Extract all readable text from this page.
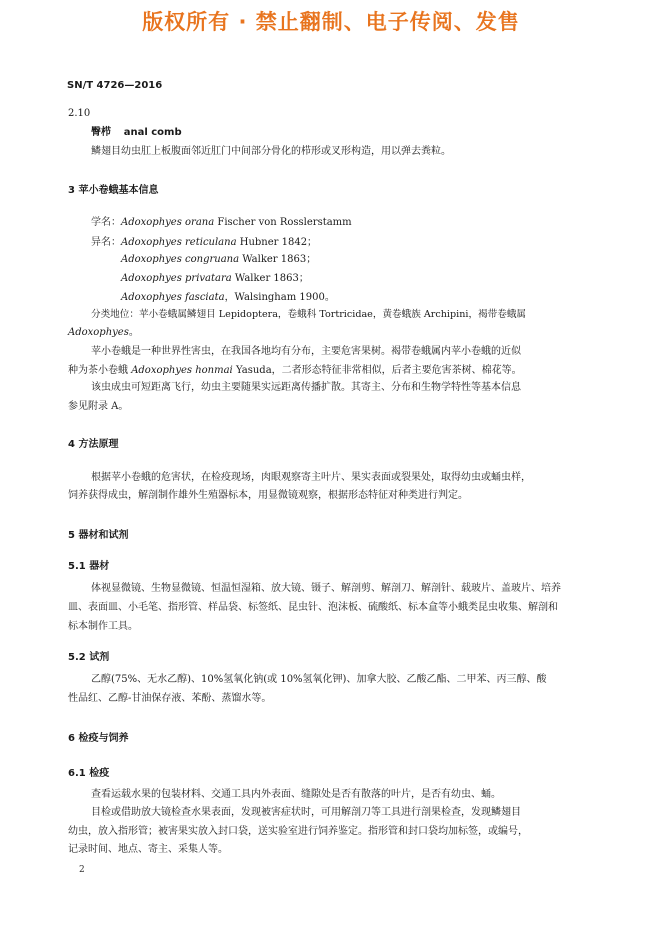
版权所有 · 禁止翻制、电子传阅、发售
SN/T 4726—2016
2.10
臀栉 anal comb
鳞翅目幼虫肛上板腹面邻近肛门中间部分骨化的栉形或叉形构造，用以弹去粪粒。
3 苹小卷蛾基本信息
学名：Adoxophyes orana Fischer von Rosslerstamm
异名：Adoxophyes reticulana Hubner 1842；
Adoxophyes congruana Walker 1863；
Adoxophyes privatara Walker 1863；
Adoxophyes fasciata，Walsingham 1900。
分类地位：苹小卷蛾属鳞翅目 Lepidoptera，卷蛾科 Tortricidae，黄卷蛾族 Archipini，褐带卷蛾属
Adoxophyes。
苹小卷蛾是一种世界性害虫，在我国各地均有分布，主要危害果树。褐带卷蛾属内苹小卷蛾的近似
种为茶小卷蛾 Adoxophyes honmai Yasuda，二者形态特征非常相似，后者主要危害茶树、棉花等。
该虫成虫可短距离飞行，幼虫主要随果实远距离传播扩散。其寄主、分布和生物学特性等基本信息
参见附录 A。
4 方法原理
根据苹小卷蛾的危害状，在检疫现场，肉眼观察寄主叶片、果实表面或裂果处，取得幼虫或蛹虫样，
饲养获得成虫，解剖制作雄外生殖器标本，用显微镜观察，根据形态特征对种类进行判定。
5 器材和试剂
5.1 器材
体视显微镜、生物显微镜、恒温恒湿箱、放大镜、镊子、解剖剪、解剖刀、解剖针、载玻片、盖玻片、培养
皿、表面皿、小毛笔、指形管、样品袋、标签纸、昆虫针、泡沫板、硫酸纸、标本盒等小蛾类昆虫收集、解剖和
标本制作工具。
5.2 试剂
乙醇(75%、无水乙醇)、10%氢氧化钠(或 10%氢氧化钾)、加拿大胶、乙酸乙酯、二甲苯、丙三醇、酸
性品红、乙醇-甘油保存液、苯酚、蒸馏水等。
6 检疫与饲养
6.1 检疫
查看运载水果的包装材料、交通工具内外表面、缝隙处是否有散落的叶片，是否有幼虫、蛹。
目检或借助放大镜检查水果表面，发现被害症状时，可用解剖刀等工具进行剖果检查，发现鳞翅目
幼虫，放入指形管；被害果实放入封口袋，送实验室进行饲养鉴定。指形管和封口袋均加标签，或编号，
记录时间、地点、寄主、采集人等。
2
